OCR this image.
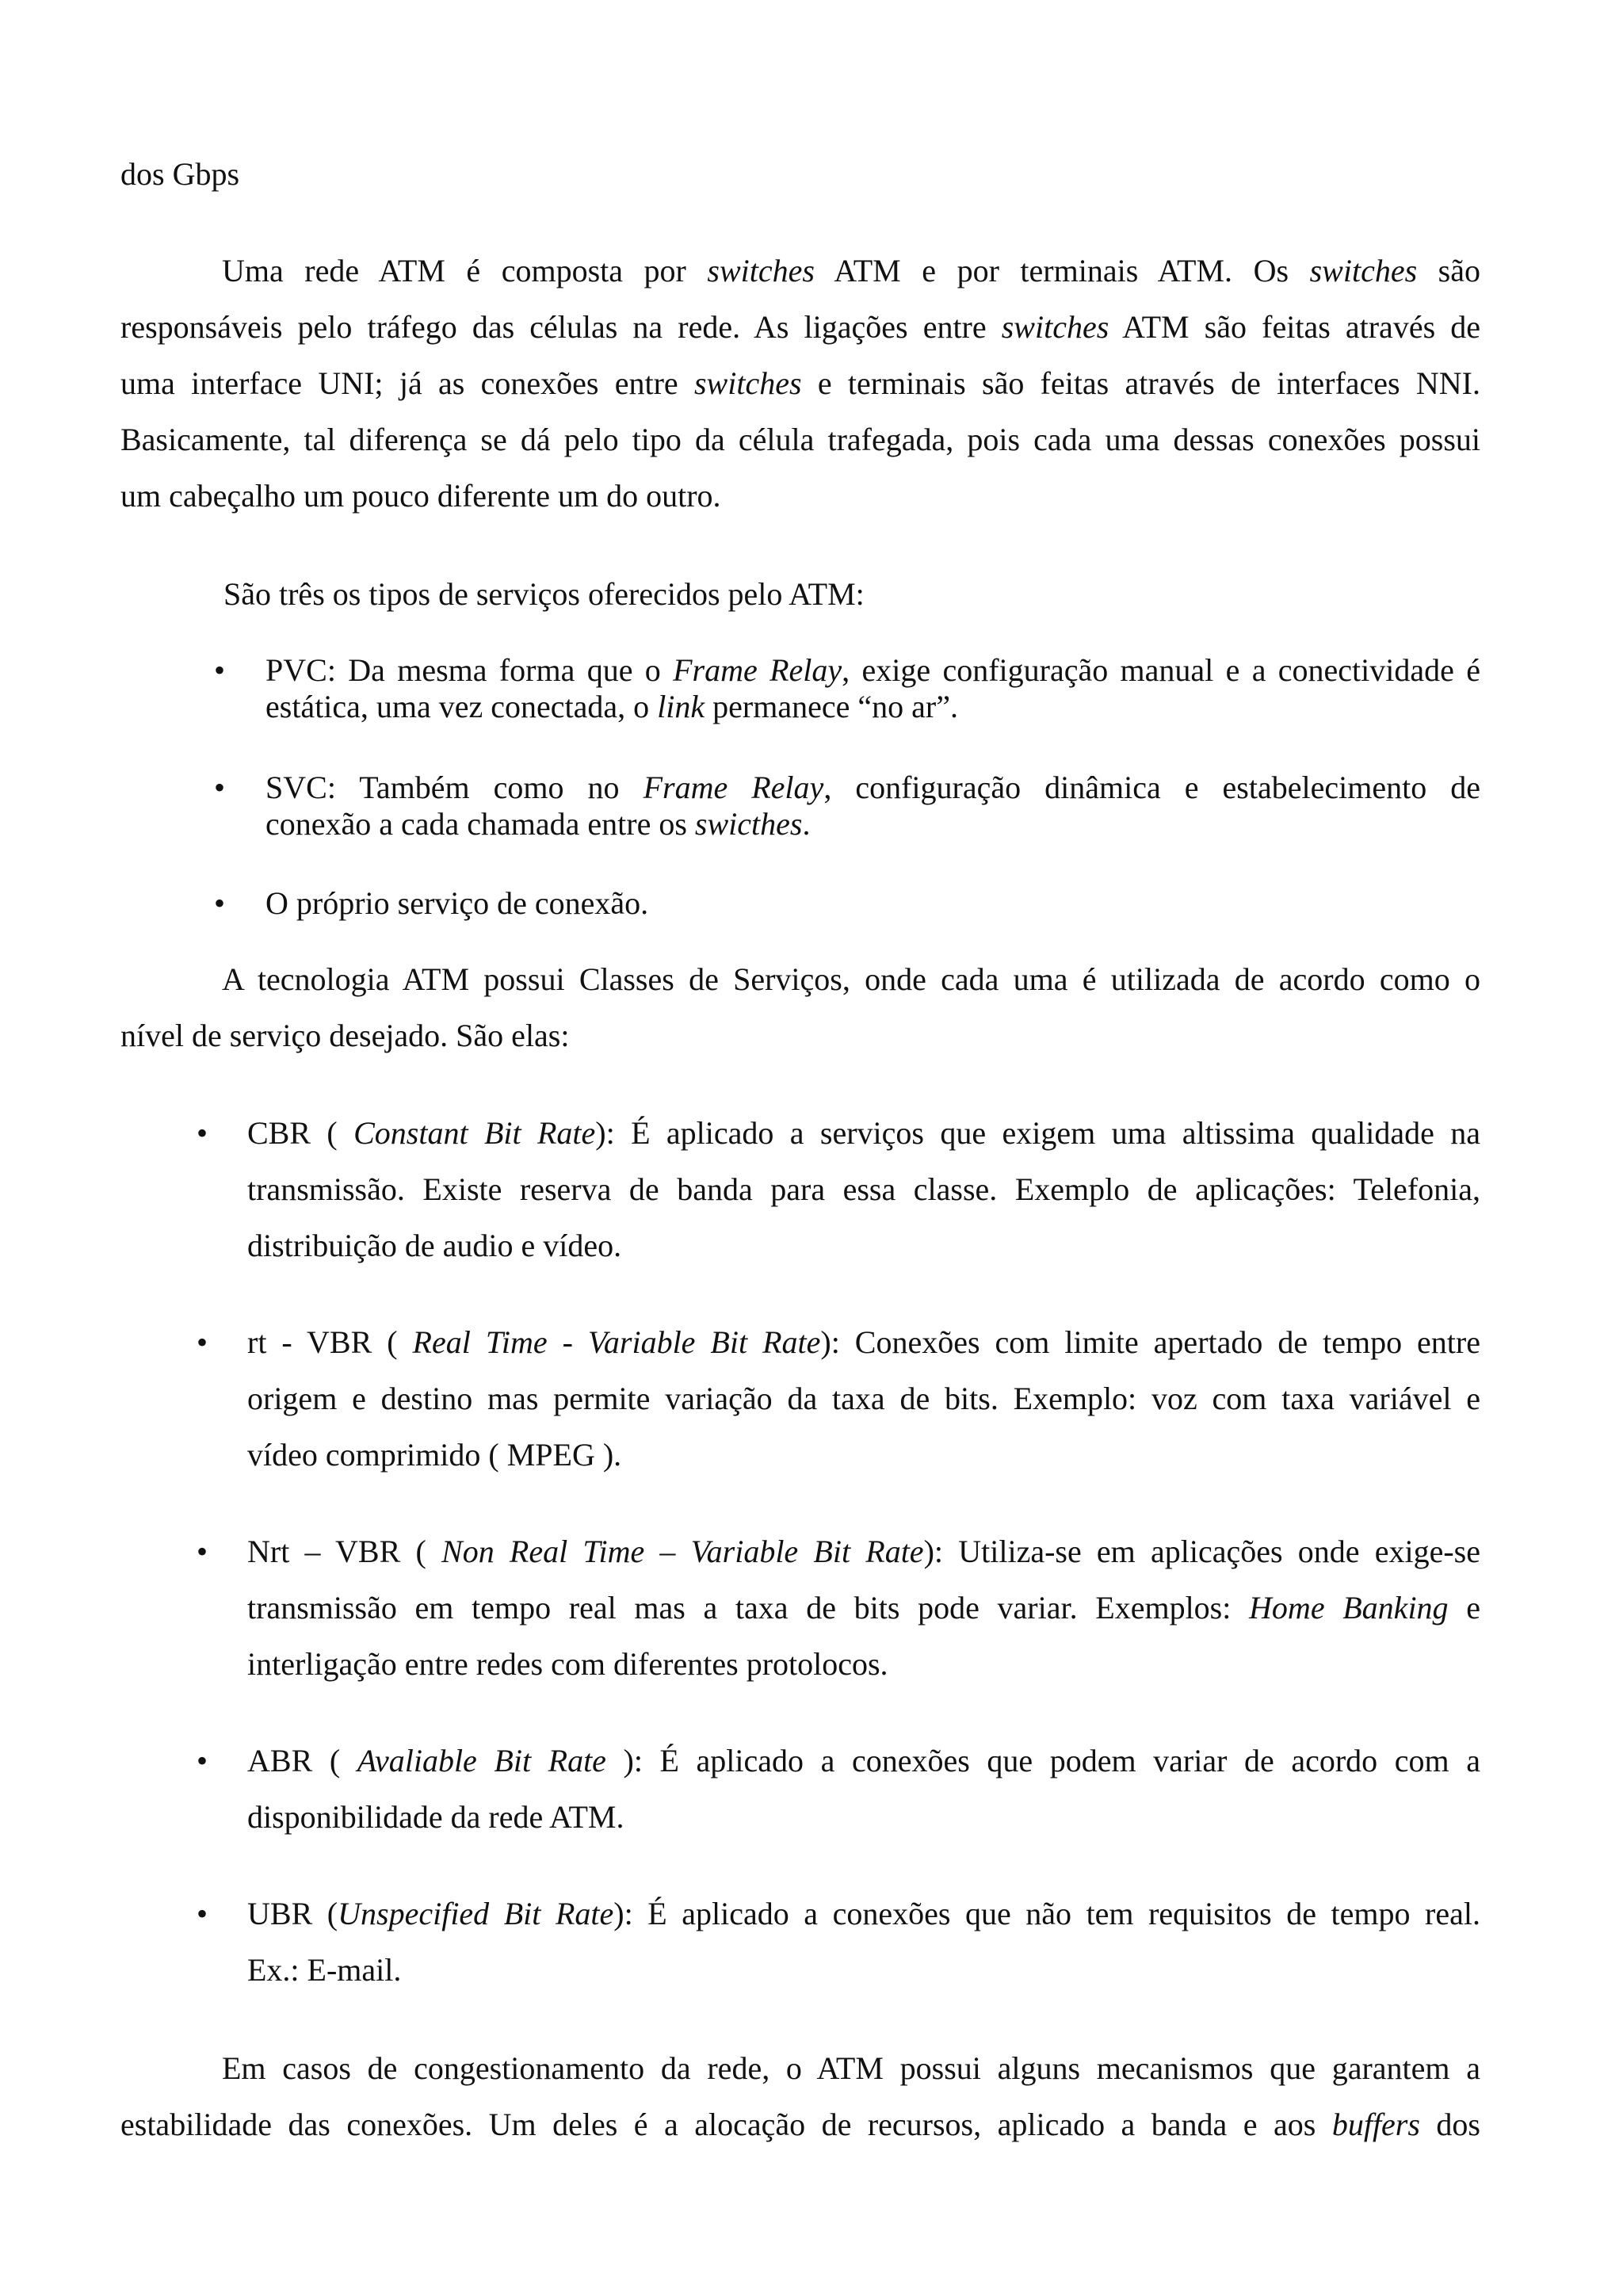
dos Gbps
Uma rede ATM é composta por switches ATM e por terminais ATM. Os switches são
responsáveis pelo tráfego das células na rede. As ligações entre switches ATM são feitas através de
uma interface UNI; já as conexões entre switches e terminais são feitas através de interfaces NNI.
Basicamente, tal diferença se dá pelo tipo da célula trafegada, pois cada uma dessas conexões possui
um cabeçalho um pouco diferente um do outro.
São três os tipos de serviços oferecidos pelo ATM:
• PVC: Da mesma forma que o Frame Relay, exige configuração manual e a conectividade é
estática, uma vez conectada, o link permanece “no ar”.
• SVC: Também como no Frame Relay, configuração dinâmica e estabelecimento de
conexão a cada chamada entre os swicthes.
• O próprio serviço de conexão.
A tecnologia ATM possui Classes de Serviços, onde cada uma é utilizada de acordo como o
nível de serviço desejado. São elas:
• CBR ( Constant Bit Rate): É aplicado a serviços que exigem uma altissima qualidade na
transmissão. Existe reserva de banda para essa classe. Exemplo de aplicações: Telefonia,
distribuição de audio e vídeo.
• rt - VBR ( Real Time - Variable Bit Rate): Conexões com limite apertado de tempo entre
origem e destino mas permite variação da taxa de bits. Exemplo: voz com taxa variável e
vídeo comprimido ( MPEG ).
• Nrt – VBR ( Non Real Time – Variable Bit Rate): Utiliza-se em aplicações onde exige-se
transmissão em tempo real mas a taxa de bits pode variar. Exemplos: Home Banking e
interligação entre redes com diferentes protolocos.
• ABR ( Avaliable Bit Rate ): É aplicado a conexões que podem variar de acordo com a
disponibilidade da rede ATM.
• UBR (Unspecified Bit Rate): É aplicado a conexões que não tem requisitos de tempo real.
Ex.: E-mail.
Em casos de congestionamento da rede, o ATM possui alguns mecanismos que garantem a
estabilidade das conexões. Um deles é a alocação de recursos, aplicado a banda e aos buffers dos
